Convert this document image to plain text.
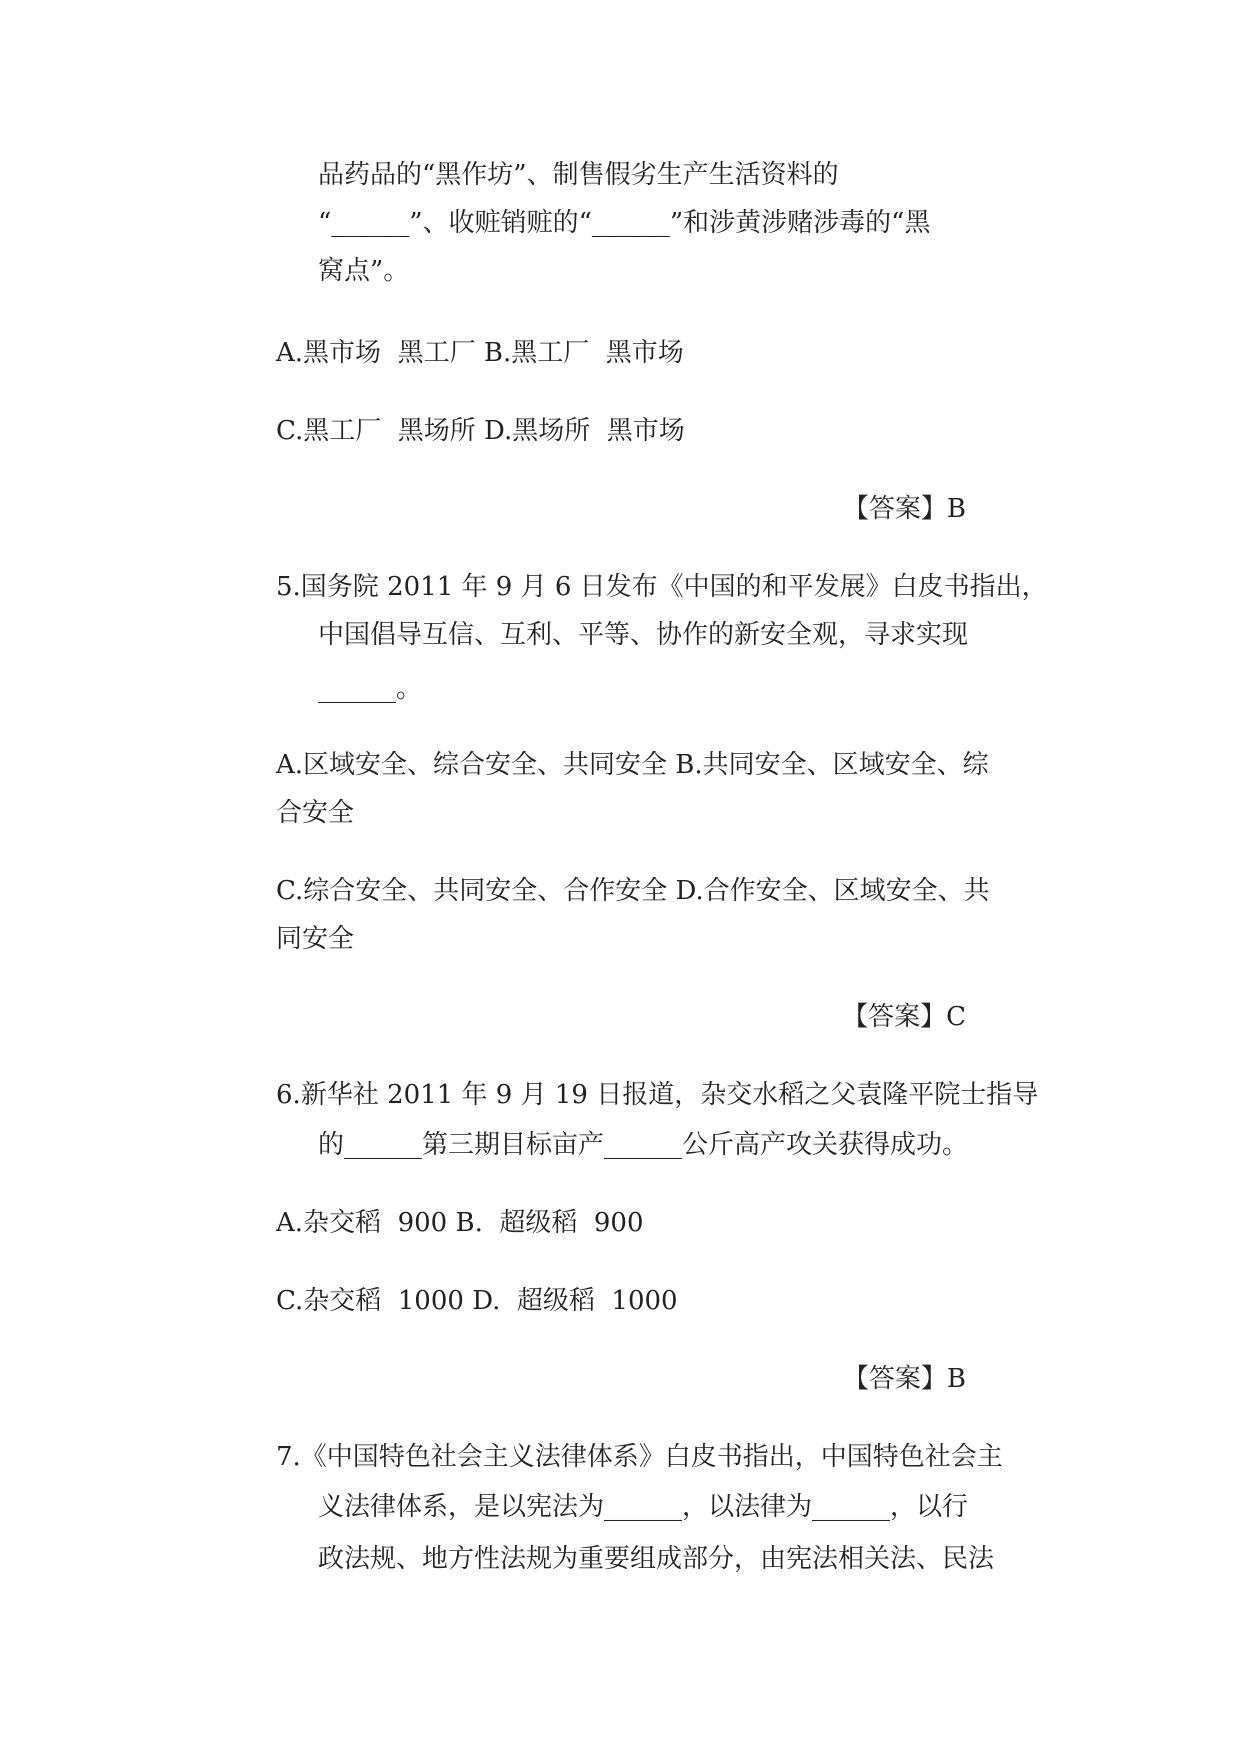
品药品的“黑作坊”、制售假劣生产生活资料的
“______”、收赃销赃的“______”和涉黄涉赌涉毒的“黑
窝点”。
A.黑市场  黑工厂 B.黑工厂  黑市场
C.黑工厂  黑场所 D.黑场所  黑市场
【答案】B
5.国务院 2011 年 9 月 6 日发布《中国的和平发展》白皮书指出，
中国倡导互信、互利、平等、协作的新安全观，寻求实现
______。
A.区域安全、综合安全、共同安全 B.共同安全、区域安全、综
合安全
C.综合安全、共同安全、合作安全 D.合作安全、区域安全、共
同安全
【答案】C
6.新华社 2011 年 9 月 19 日报道，杂交水稻之父袁隆平院士指导
的______第三期目标亩产______公斤高产攻关获得成功。
A.杂交稻  900 B.  超级稻  900
C.杂交稻  1000 D.  超级稻  1000
【答案】B
7.《中国特色社会主义法律体系》白皮书指出，中国特色社会主
义法律体系，是以宪法为______，以法律为______，以行
政法规、地方性法规为重要组成部分，由宪法相关法、民法
